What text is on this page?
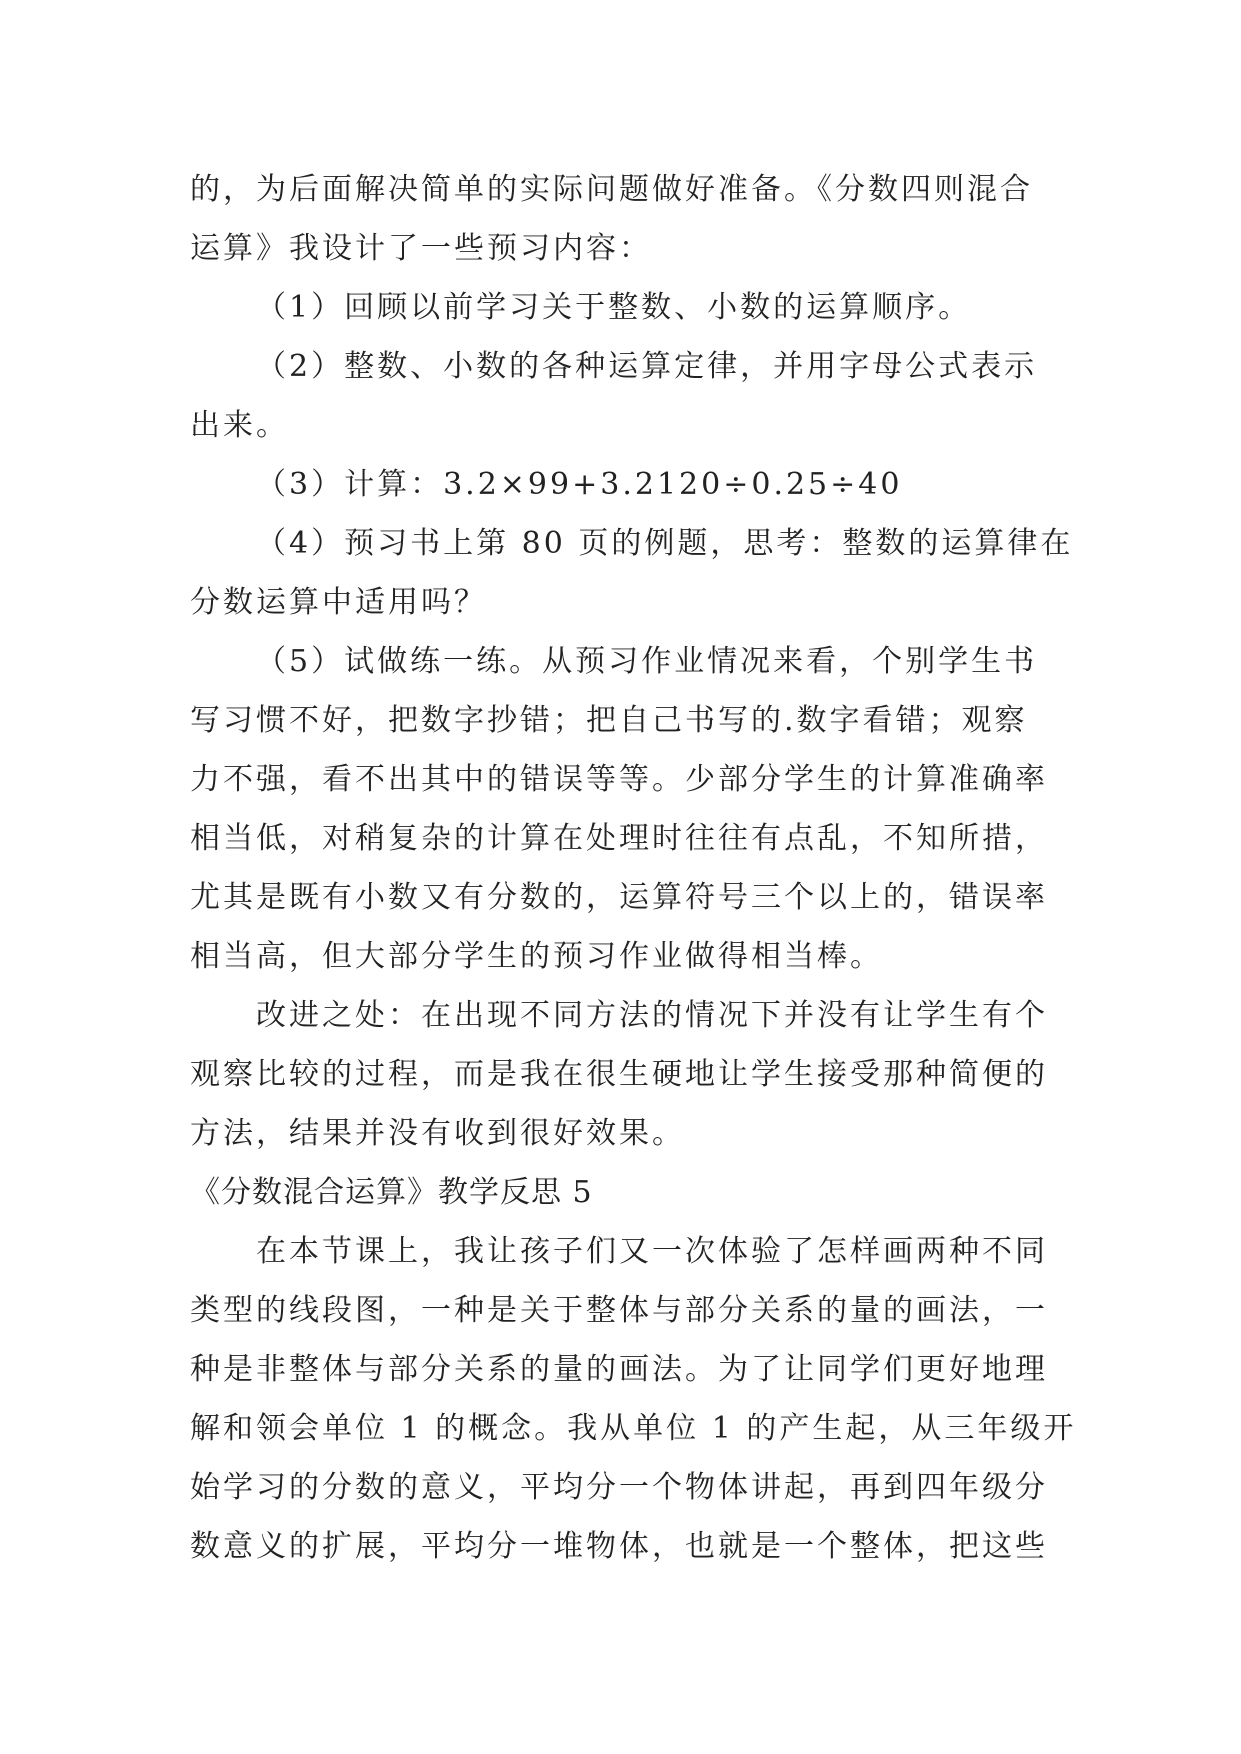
的，为后面解决简单的实际问题做好准备。《分数四则混合
运算》我设计了一些预习内容：
（1）回顾以前学习关于整数、小数的运算顺序。
（2）整数、小数的各种运算定律，并用字母公式表示
出来。
（3）计算：3.2×99+3.2120÷0.25÷40
（4）预习书上第 80 页的例题，思考：整数的运算律在
分数运算中适用吗？
（5）试做练一练。从预习作业情况来看，个别学生书
写习惯不好，把数字抄错；把自己书写的.数字看错；观察
力不强，看不出其中的错误等等。少部分学生的计算准确率
相当低，对稍复杂的计算在处理时往往有点乱，不知所措，
尤其是既有小数又有分数的，运算符号三个以上的，错误率
相当高，但大部分学生的预习作业做得相当棒。
改进之处：在出现不同方法的情况下并没有让学生有个
观察比较的过程，而是我在很生硬地让学生接受那种简便的
方法，结果并没有收到很好效果。
《分数混合运算》教学反思 5
在本节课上，我让孩子们又一次体验了怎样画两种不同
类型的线段图，一种是关于整体与部分关系的量的画法，一
种是非整体与部分关系的量的画法。为了让同学们更好地理
解和领会单位 1 的概念。我从单位 1 的产生起，从三年级开
始学习的分数的意义，平均分一个物体讲起，再到四年级分
数意义的扩展，平均分一堆物体，也就是一个整体，把这些
